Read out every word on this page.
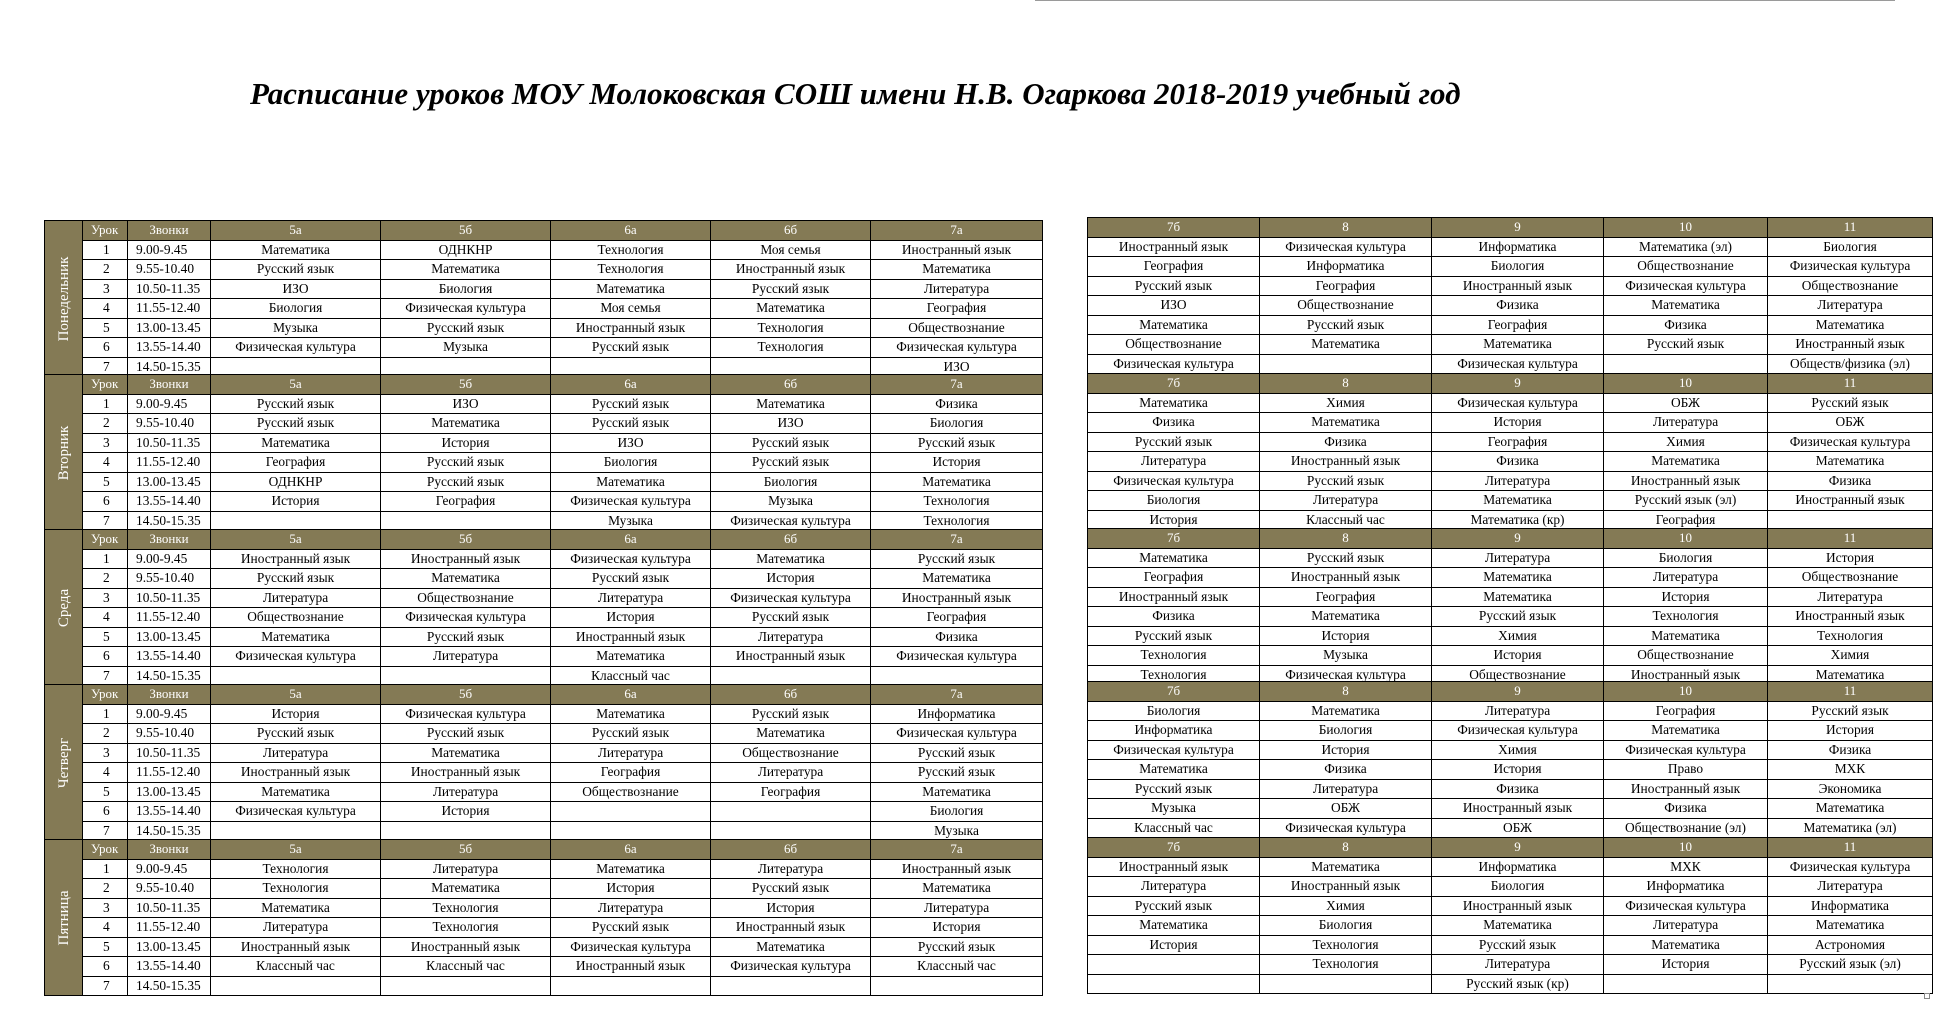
Расписание уроков МОУ Молоковская СОШ имени Н.В. Огаркова 2018-2019 учебный год
Понедельник	Урок	Звонки	5а	5б	6а	6б	7а
	1	9.00-9.45	Математика	ОДНКНР	Технология	Моя семья	Иностранный язык
	2	9.55-10.40	Русский язык	Математика	Технология	Иностранный язык	Математика
	3	10.50-11.35	ИЗО	Биология	Математика	Русский язык	Литература
	4	11.55-12.40	Биология	Физическая культура	Моя семья	Математика	География
	5	13.00-13.45	Музыка	Русский язык	Иностранный язык	Технология	Обществознание
	6	13.55-14.40	Физическая культура	Музыка	Русский язык	Технология	Физическая культура
	7	14.50-15.35					ИЗО
7б	8	9	10	11
Иностранный язык	Физическая культура	Информатика	Математика (эл)	Биология
География	Информатика	Биология	Обществознание	Физическая культура
Русский язык	География	Иностранный язык	Физическая культура	Обществознание
ИЗО	Обществознание	Физика	Математика	Литература
Математика	Русский язык	География	Физика	Математика
Обществознание	Математика	Математика	Русский язык	Иностранный язык
Физическая культура		Физическая культура		Обществ/физика (эл)
Вторник	Урок	Звонки	5а	5б	6а	6б	7а
	1	9.00-9.45	Русский язык	ИЗО	Русский язык	Математика	Физика
	2	9.55-10.40	Русский язык	Математика	Русский язык	ИЗО	Биология
	3	10.50-11.35	Математика	История	ИЗО	Русский язык	Русский язык
	4	11.55-12.40	География	Русский язык	Биология	Русский язык	История
	5	13.00-13.45	ОДНКНР	Русский язык	Математика	Биология	Математика
	6	13.55-14.40	История	География	Физическая культура	Музыка	Технология
	7	14.50-15.35			Музыка	Физическая культура	Технология
7б	8	9	10	11
Математика	Химия	Физическая культура	ОБЖ	Русский язык
Физика	Математика	История	Литература	ОБЖ
Русский язык	Физика	География	Химия	Физическая культура
Литература	Иностранный язык	Физика	Математика	Математика
Физическая культура	Русский язык	Литература	Иностранный язык	Физика
Биология	Литература	Математика	Русский язык (эл)	Иностранный язык
История	Классный час	Математика (кр)	География	
Среда	Урок	Звонки	5а	5б	6а	6б	7а
	1	9.00-9.45	Иностранный язык	Иностранный язык	Физическая культура	Математика	Русский язык
	2	9.55-10.40	Русский язык	Математика	Русский язык	История	Математика
	3	10.50-11.35	Литература	Обществознание	Литература	Физическая культура	Иностранный язык
	4	11.55-12.40	Обществознание	Физическая культура	История	Русский язык	География
	5	13.00-13.45	Математика	Русский язык	Иностранный язык	Литература	Физика
	6	13.55-14.40	Физическая культура	Литература	Математика	Иностранный язык	Физическая культура
	7	14.50-15.35			Классный час		
7б	8	9	10	11
Математика	Русский язык	Литература	Биология	История
География	Иностранный язык	Математика	Литература	Обществознание
Иностранный язык	География	Математика	История	Литература
Физика	Математика	Русский язык	Технология	Иностранный язык
Русский язык	История	Химия	Математика	Технология
Технология	Музыка	История	Обществознание	Химия
Технология	Физическая культура	Обществознание	Иностранный язык	Математика
Четверг	Урок	Звонки	5а	5б	6а	6б	7а
	1	9.00-9.45	История	Физическая культура	Математика	Русский язык	Информатика
	2	9.55-10.40	Русский язык	Русский язык	Русский язык	Математика	Физическая культура
	3	10.50-11.35	Литература	Математика	Литература	Обществознание	Русский язык
	4	11.55-12.40	Иностранный язык	Иностранный язык	География	Литература	Русский язык
	5	13.00-13.45	Математика	Литература	Обществознание	География	Математика
	6	13.55-14.40	Физическая культура	История			Биология
	7	14.50-15.35					Музыка
7б	8	9	10	11
Биология	Математика	Литература	География	Русский язык
Информатика	Биология	Физическая культура	Математика	История
Физическая культура	История	Химия	Физическая культура	Физика
Математика	Физика	История	Право	МХК
Русский язык	Литература	Физика	Иностранный язык	Экономика
Музыка	ОБЖ	Иностранный язык	Физика	Математика
Классный час	Физическая культура	ОБЖ	Обществознание (эл)	Математика (эл)
Пятница	Урок	Звонки	5а	5б	6а	6б	7а
	1	9.00-9.45	Технология	Литература	Математика	Литература	Иностранный язык
	2	9.55-10.40	Технология	Математика	История	Русский язык	Математика
	3	10.50-11.35	Математика	Технология	Литература	История	Литература
	4	11.55-12.40	Литература	Технология	Русский язык	Иностранный язык	История
	5	13.00-13.45	Иностранный язык	Иностранный язык	Физическая культура	Математика	Русский язык
	6	13.55-14.40	Классный час	Классный час	Иностранный язык	Физическая культура	Классный час
	7	14.50-15.35					
7б	8	9	10	11
Иностранный язык	Математика	Информатика	МХК	Физическая культура
Литература	Иностранный язык	Биология	Информатика	Литература
Русский язык	Химия	Иностранный язык	Физическая культура	Информатика
Математика	Биология	Математика	Литература	Математика
История	Технология	Русский язык	Математика	Астрономия
	Технология	Литература	История	Русский язык (эл)
		Русский язык (кр)		
